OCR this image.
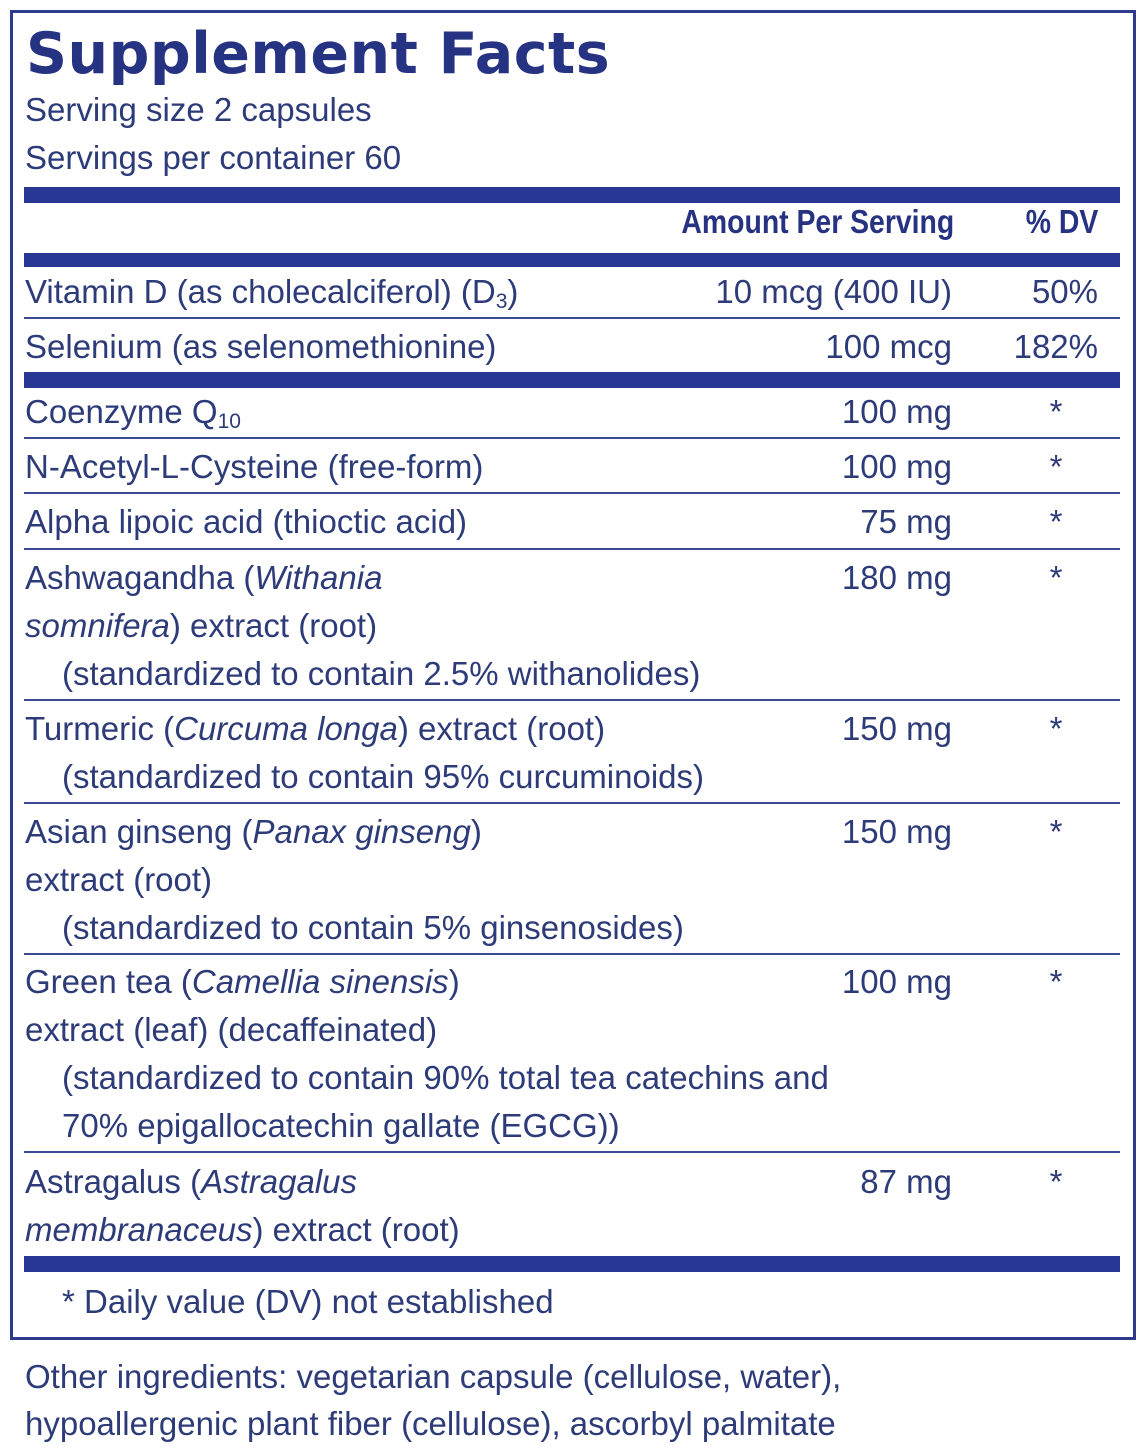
Supplement Facts
Serving size 2 capsules
Servings per container 60
Amount Per Serving % DV
Vitamin D (as cholecalciferol) $(D_3)$	10 mcg (400 IU) 50%
Selenium (as selenomethionine)	100 mcg 182%
Coenzyme $Q_{10}$	100 mg	*
N-Acetyl-L-Cysteine (free-form)	100 mg	*
Alpha lipoic acid (thioctic acid)	75 mg	*
Ashwagandha (Withania
somnifera) extract (root)
(standardized to contain 2.5% withanolides)
180 mg	*
Turmeric (Curcuma longa) extract (root)
(standardized to contain 95% curcuminoids)
150 mg	*
Asian ginseng (Panax ginseng)
extract (root)
(standardized to contain 5% ginsenosides)
150 mg	*
Green tea (Camellia sinensis)
extract (leaf) (decaffeinated)
(standardized to contain 90% total tea catechins and
70% epigallocatechin gallate (EGCG))
100 mg	*
Astragalus (Astragalus
membranaceus) extract (root)
87 mg	*
* Daily value (DV) not established
Other ingredients: vegetarian capsule (cellulose, water),
hypoallergenic plant fiber (cellulose), ascorbyl palmitate
